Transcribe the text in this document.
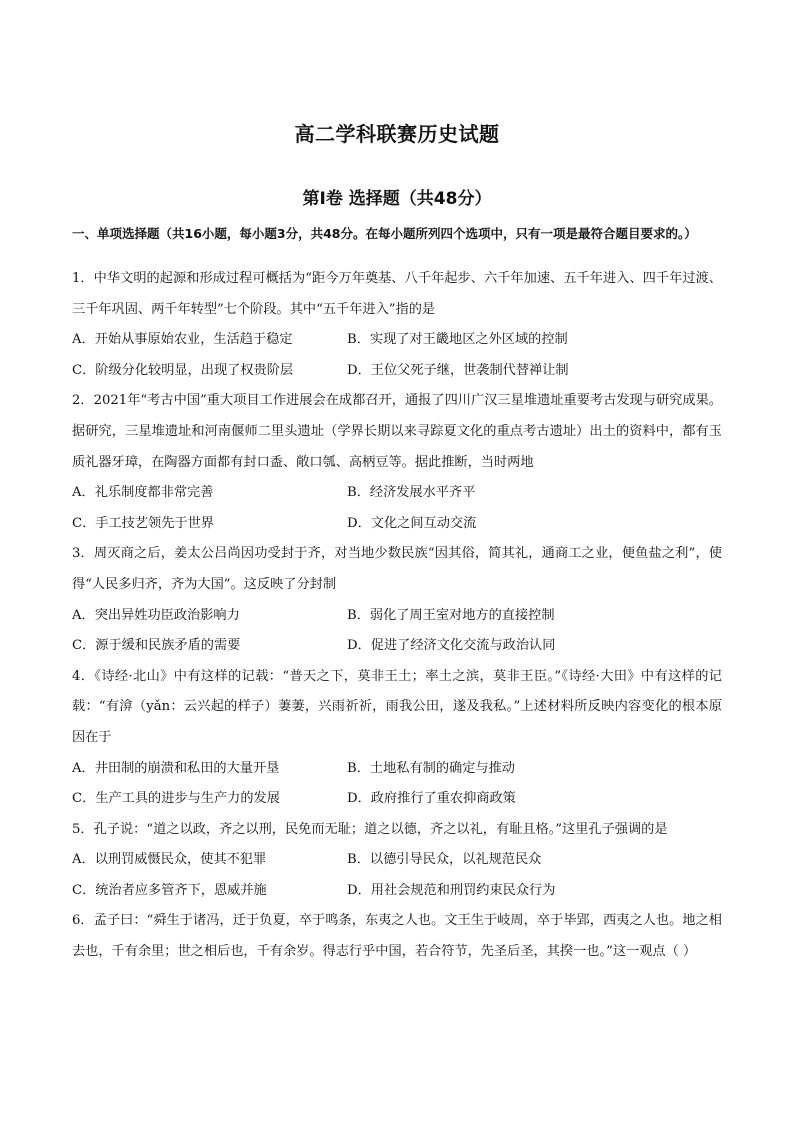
高二学科联赛历史试题
第Ⅰ卷 选择题（共48分）
一、单项选择题（共16小题，每小题3分，共48分。在每小题所列四个选项中，只有一项是最符合题目要求的。）

1．中华文明的起源和形成过程可概括为“距今万年奠基、八千年起步、六千年加速、五千年进入、四千年过渡、三千年巩固、两千年转型”七个阶段。其中“五千年进入”指的是

A．开始从事原始农业，生活趋于稳定	B．实现了对王畿地区之外区域的控制
C．阶级分化较明显，出现了权贵阶层	D．王位父死子继，世袭制代替禅让制

2．2021年“考古中国”重大项目工作进展会在成都召开，通报了四川广汉三星堆遗址重要考古发现与研究成果。据研究，三星堆遗址和河南偃师二里头遗址（学界长期以来寻踪夏文化的重点考古遗址）出土的资料中，都有玉质礼器牙璋，在陶器方面都有封口盉、敞口瓠、高柄豆等。据此推断，当时两地

A．礼乐制度都非常完善	B．经济发展水平齐平
C．手工技艺领先于世界	D．文化之间互动交流

3．周灭商之后，姜太公吕尚因功受封于齐，对当地少数民族“因其俗，简其礼，通商工之业，便鱼盐之利”，使得“人民多归齐，齐为大国”。这反映了分封制

A．突出异姓功臣政治影响力	B．弱化了周王室对地方的直接控制
C．源于缓和民族矛盾的需要	D．促进了经济文化交流与政治认同

4．《诗经·北山》中有这样的记载：“普天之下，莫非王土；率土之滨，莫非王臣。”《诗经·大田》中有这样的记载：“有渰（yǎn：云兴起的样子）萋萋，兴雨祈祈，雨我公田，遂及我私。”上述材料所反映内容变化的根本原因在于

A．井田制的崩溃和私田的大量开垦	B．土地私有制的确定与推动
C．生产工具的进步与生产力的发展	D．政府推行了重农抑商政策

5．孔子说：“道之以政，齐之以刑，民免而无耻；道之以德，齐之以礼，有耻且格。”这里孔子强调的是

A．以刑罚威慑民众，使其不犯罪	B．以德引导民众，以礼规范民众
C．统治者应多管齐下，恩威并施	D．用社会规范和刑罚约束民众行为

6．孟子曰：“舜生于诸冯，迁于负夏，卒于鸣条，东夷之人也。文王生于岐周，卒于毕郢，西夷之人也。地之相去也，千有余里；世之相后也，千有余岁。得志行乎中国，若合符节，先圣后圣，其揆一也。”这一观点（ ）
